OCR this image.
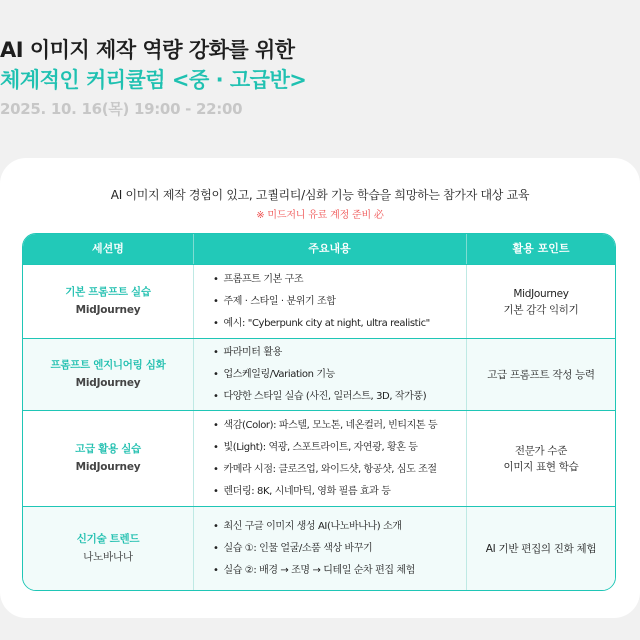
AI 이미지 제작 역량 강화를 위한
체계적인 커리큘럼 <중 · 고급반>
2025. 10. 16(목) 19:00 - 22:00
AI 이미지 제작 경험이 있고, 고퀄리티/심화 기능 학습을 희망하는 참가자 대상 교육
※ 미드저니 유료 계정 준비 必
세션명	주요내용	활용 포인트
기본 프롬프트 실습
MidJourney
• 프롬프트 기본 구조
• 주제 · 스타일 · 분위기 조합
• 예시: "Cyberpunk city at night, ultra realistic"
MidJourney
기본 감각 익히기
프롬프트 엔지니어링 심화
MidJourney
• 파라미터 활용
• 업스케일링/Variation 기능
• 다양한 스타일 실습 (사진, 일러스트, 3D, 작가풍)
고급 프롬프트 작성 능력
고급 활용 실습
MidJourney
• 색감(Color): 파스텔, 모노톤, 네온컬러, 빈티지톤 등
• 빛(Light): 역광, 스포트라이트, 자연광, 황혼 등
• 카메라 시점: 클로즈업, 와이드샷, 항공샷, 심도 조절
• 렌더링: 8K, 시네마틱, 영화 필름 효과 등
전문가 수준
이미지 표현 학습
신기술 트렌드
나노바나나
• 최신 구글 이미지 생성 AI(나노바나나) 소개
• 실습 ①: 인물 얼굴/소품 색상 바꾸기
• 실습 ②: 배경 → 조명 → 디테일 순차 편집 체험
AI 기반 편집의 진화 체험
